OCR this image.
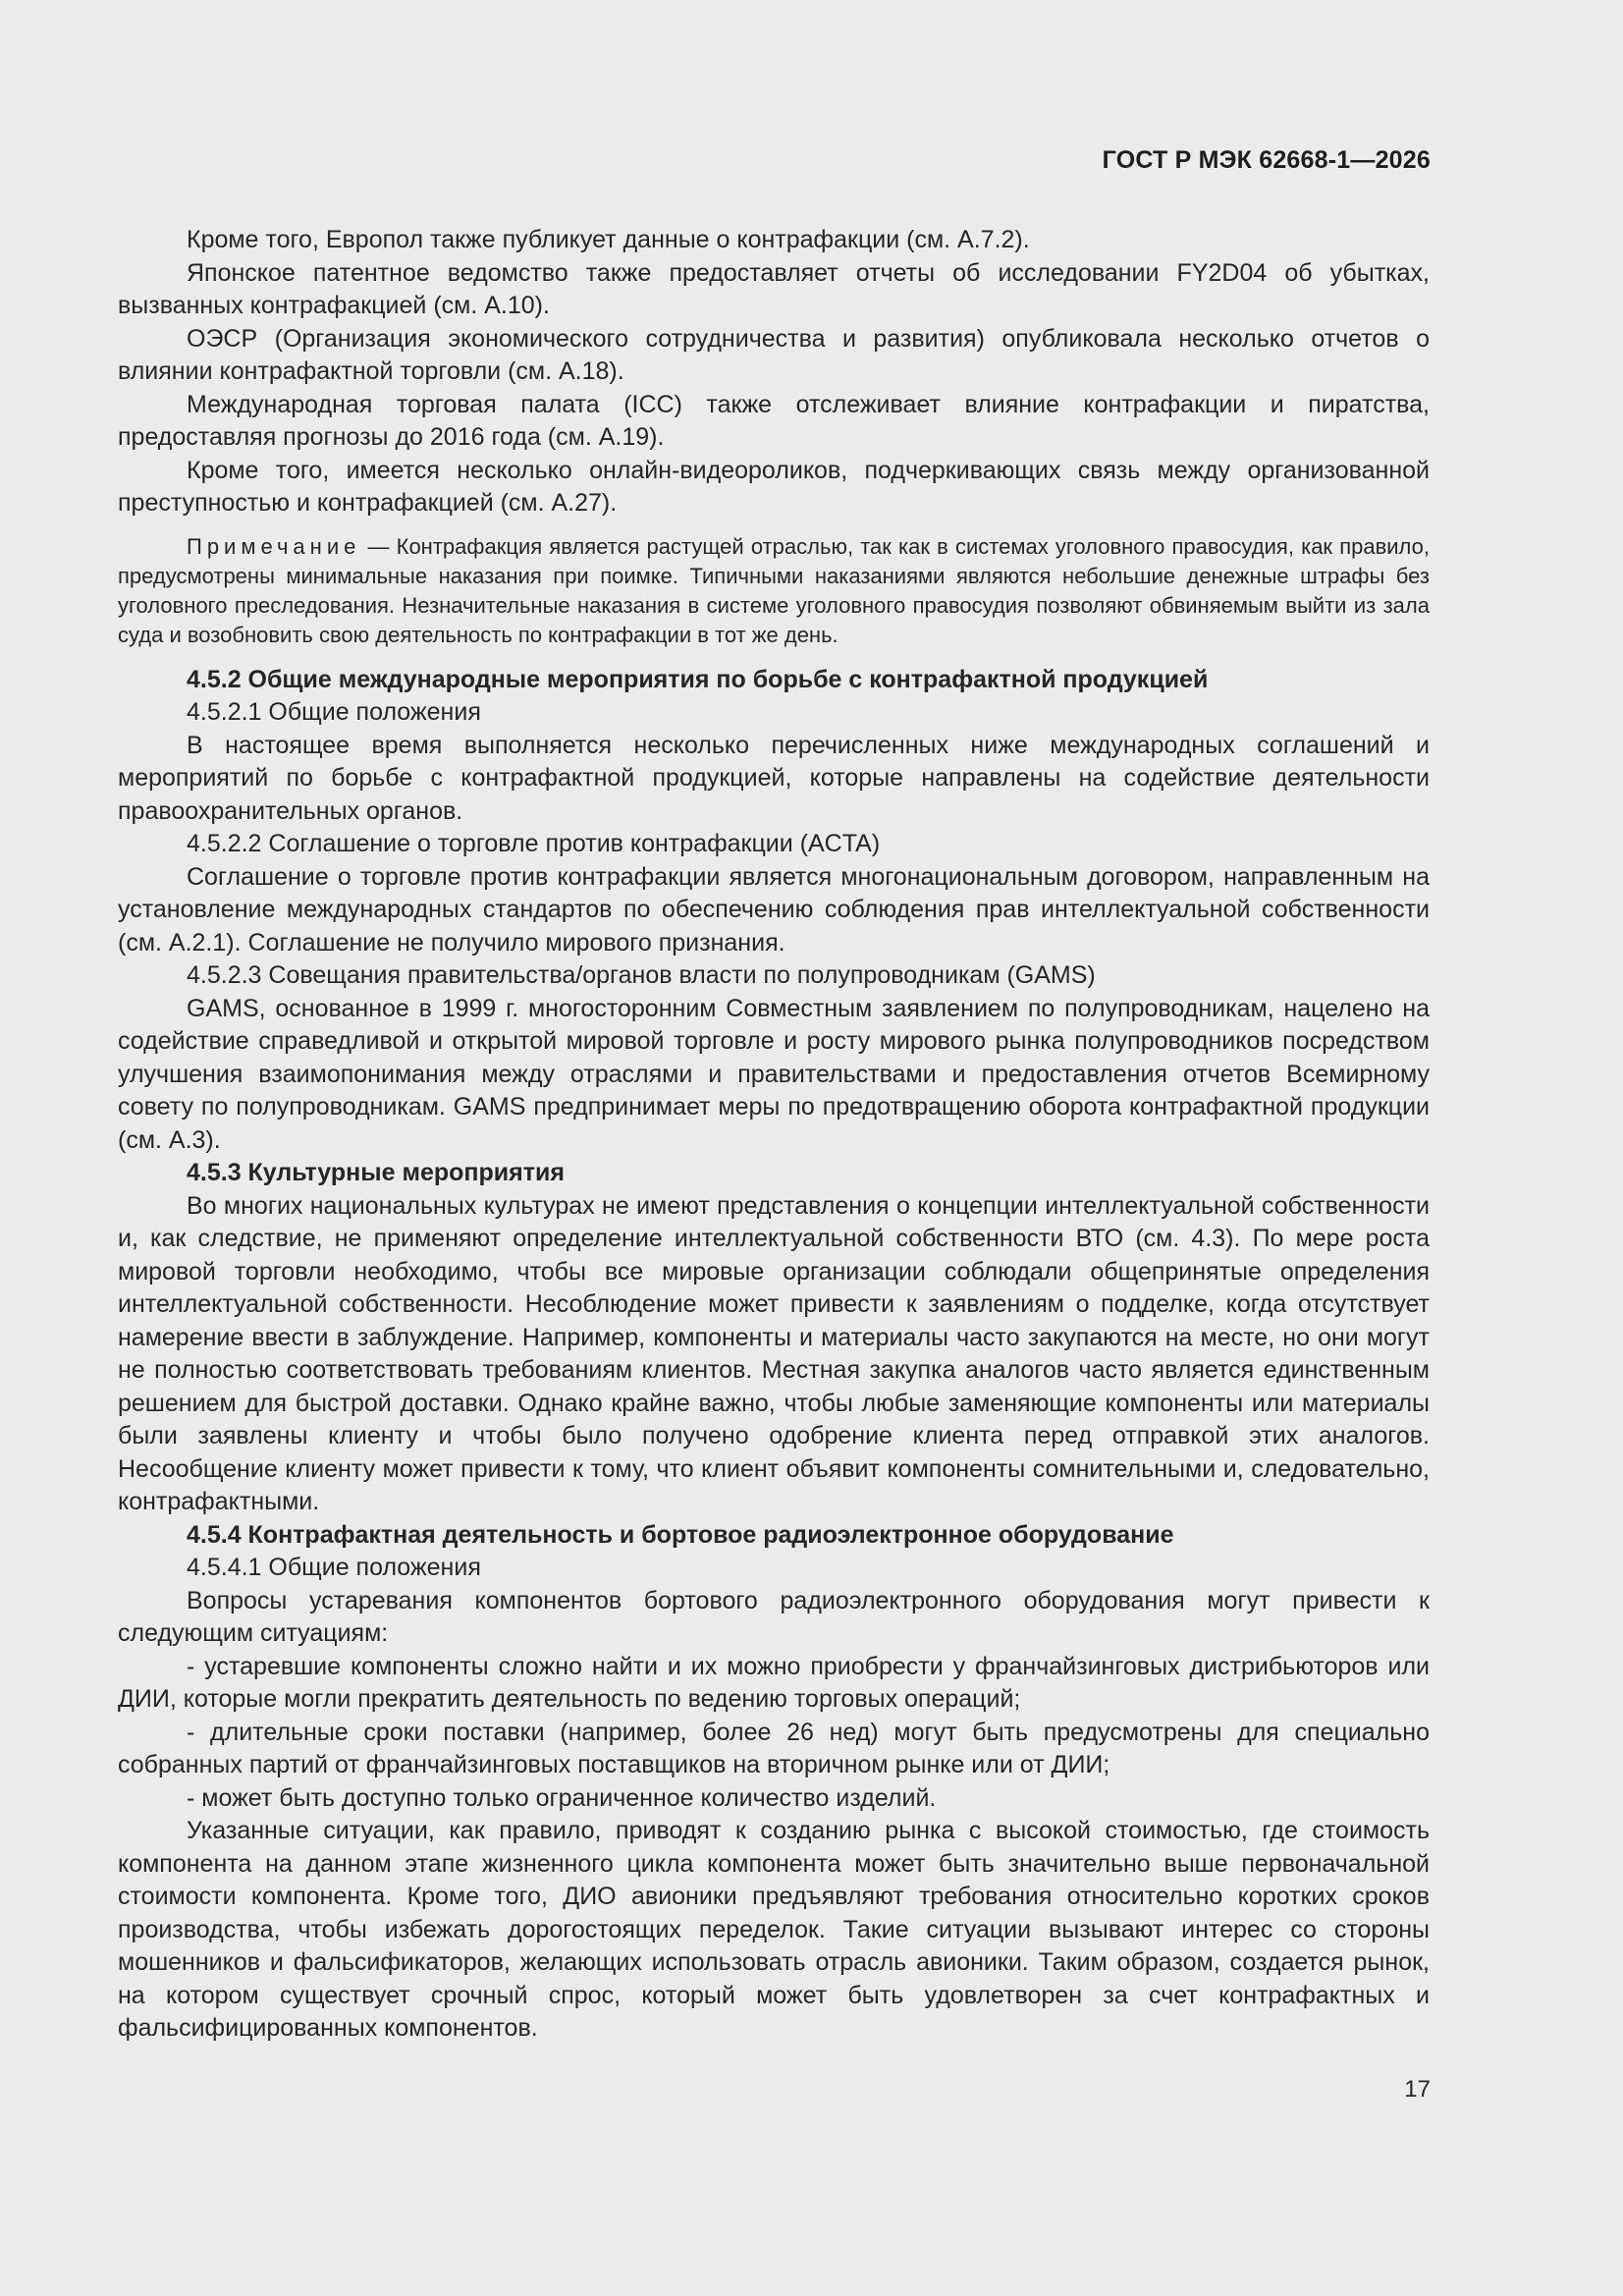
ГОСТ Р МЭК 62668-1—2026

Кроме того, Европол также публикует данные о контрафакции (см. A.7.2).

Японское патентное ведомство также предоставляет отчеты об исследовании FY2D04 об убытках, вызванных контрафакцией (см. А.10).

ОЭСР (Организация экономического сотрудничества и развития) опубликовала несколько отчетов о влиянии контрафактной торговли (см. А.18).

Международная торговая палата (ICC) также отслеживает влияние контрафакции и пиратства, предоставляя прогнозы до 2016 года (см. А.19).

Кроме того, имеется несколько онлайн-видеороликов, подчеркивающих связь между организованной преступностью и контрафакцией (см. А.27).

Примечание — Контрафакция является растущей отраслью, так как в системах уголовного правосудия, как правило, предусмотрены минимальные наказания при поимке. Типичными наказаниями являются небольшие денежные штрафы без уголовного преследования. Незначительные наказания в системе уголовного правосудия позволяют обвиняемым выйти из зала суда и возобновить свою деятельность по контрафакции в тот же день.

4.5.2 Общие международные мероприятия по борьбе с контрафактной продукцией

4.5.2.1 Общие положения

В настоящее время выполняется несколько перечисленных ниже международных соглашений и мероприятий по борьбе с контрафактной продукцией, которые направлены на содействие деятельности правоохранительных органов.

4.5.2.2 Соглашение о торговле против контрафакции (ACTA)

Соглашение о торговле против контрафакции является многонациональным договором, направленным на установление международных стандартов по обеспечению соблюдения прав интеллектуальной собственности (см. А.2.1). Соглашение не получило мирового признания.

4.5.2.3 Совещания правительства/органов власти по полупроводникам (GAMS)

GAMS, основанное в 1999 г. многосторонним Совместным заявлением по полупроводникам, нацелено на содействие справедливой и открытой мировой торговле и росту мирового рынка полупроводников посредством улучшения взаимопонимания между отраслями и правительствами и предоставления отчетов Всемирному совету по полупроводникам. GAMS предпринимает меры по предотвращению оборота контрафактной продукции (см. А.3).

4.5.3 Культурные мероприятия

Во многих национальных культурах не имеют представления о концепции интеллектуальной собственности и, как следствие, не применяют определение интеллектуальной собственности ВТО (см. 4.3). По мере роста мировой торговли необходимо, чтобы все мировые организации соблюдали общепринятые определения интеллектуальной собственности. Несоблюдение может привести к заявлениям о подделке, когда отсутствует намерение ввести в заблуждение. Например, компоненты и материалы часто закупаются на месте, но они могут не полностью соответствовать требованиям клиентов. Местная закупка аналогов часто является единственным решением для быстрой доставки. Однако крайне важно, чтобы любые заменяющие компоненты или материалы были заявлены клиенту и чтобы было получено одобрение клиента перед отправкой этих аналогов. Несообщение клиенту может привести к тому, что клиент объявит компоненты сомнительными и, следовательно, контрафактными.

4.5.4 Контрафактная деятельность и бортовое радиоэлектронное оборудование

4.5.4.1 Общие положения

Вопросы устаревания компонентов бортового радиоэлектронного оборудования могут привести к следующим ситуациям:

- устаревшие компоненты сложно найти и их можно приобрести у франчайзинговых дистрибьюторов или ДИИ, которые могли прекратить деятельность по ведению торговых операций;

- длительные сроки поставки (например, более 26 нед) могут быть предусмотрены для специально собранных партий от франчайзинговых поставщиков на вторичном рынке или от ДИИ;

- может быть доступно только ограниченное количество изделий.

Указанные ситуации, как правило, приводят к созданию рынка с высокой стоимостью, где стоимость компонента на данном этапе жизненного цикла компонента может быть значительно выше первоначальной стоимости компонента. Кроме того, ДИО авионики предъявляют требования относительно коротких сроков производства, чтобы избежать дорогостоящих переделок. Такие ситуации вызывают интерес со стороны мошенников и фальсификаторов, желающих использовать отрасль авионики. Таким образом, создается рынок, на котором существует срочный спрос, который может быть удовлетворен за счет контрафактных и фальсифицированных компонентов.

17
